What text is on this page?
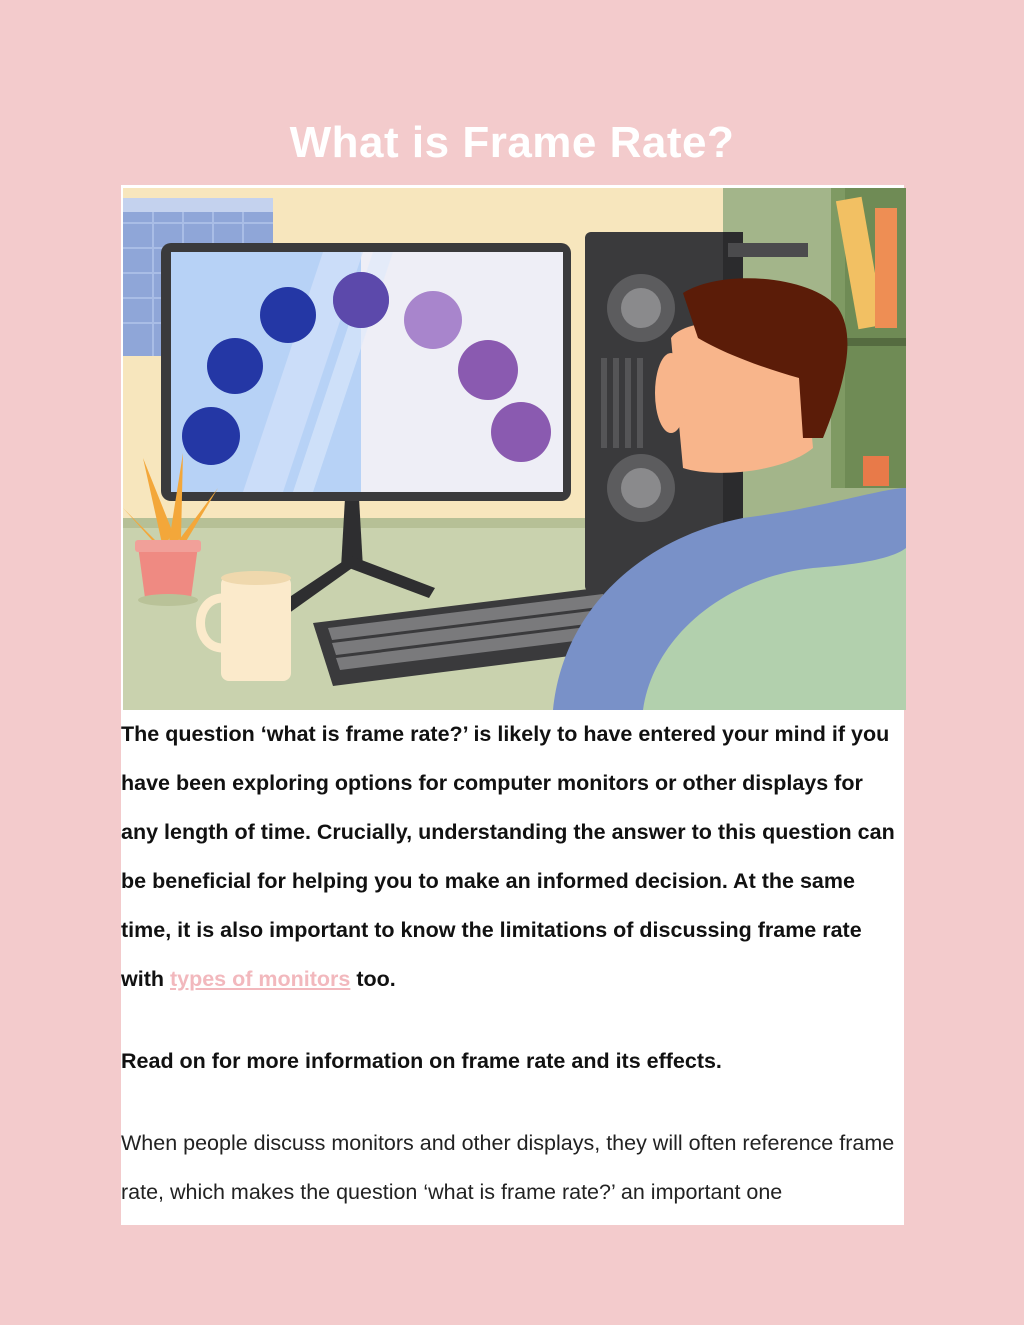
What is Frame Rate?

The question ‘what is frame rate?’ is likely to have entered your mind if you have been exploring options for computer monitors or other displays for any length of time. Crucially, understanding the answer to this question can be beneficial for helping you to make an informed decision. At the same time, it is also important to know the limitations of discussing frame rate with types of monitors too.

Read on for more information on frame rate and its effects.

When people discuss monitors and other displays, they will often reference frame rate, which makes the question ‘what is frame rate?’ an important one
